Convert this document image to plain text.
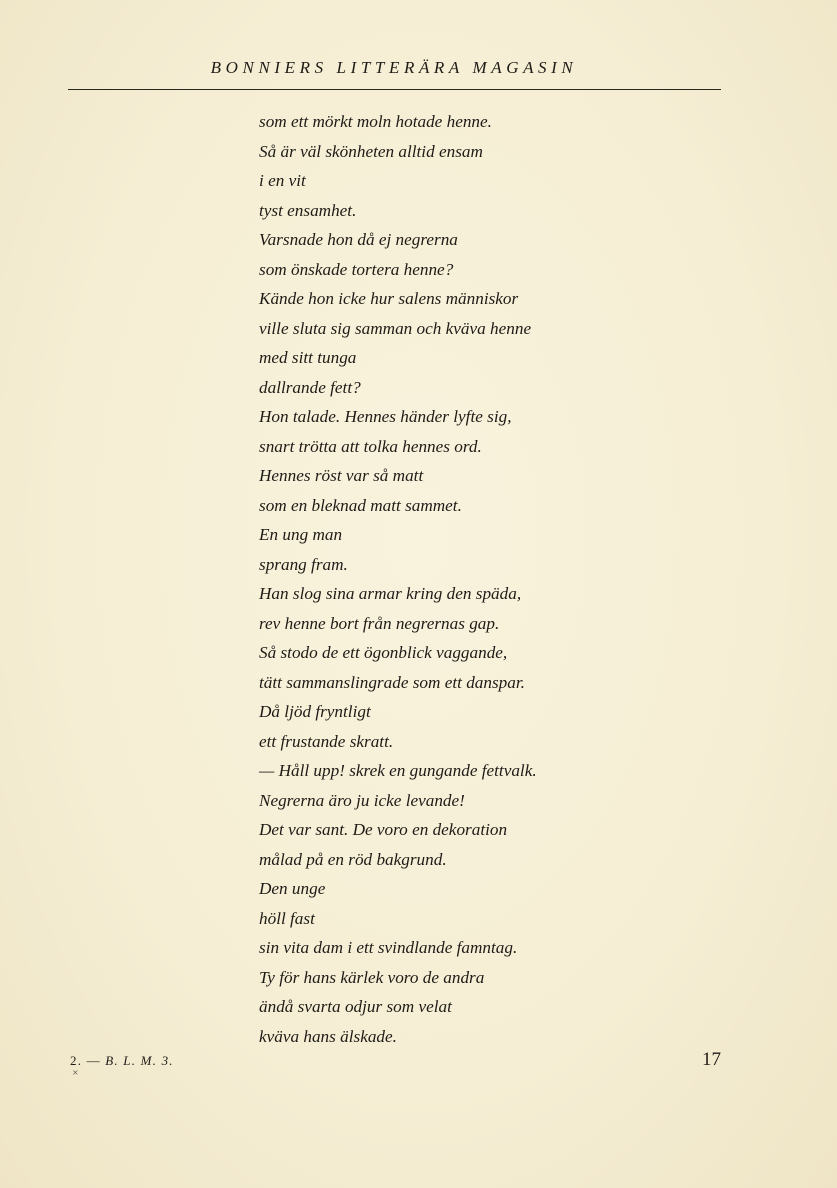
BONNIERS LITTERÄRA MAGASIN
som ett mörkt moln hotade henne.
Så är väl skönheten alltid ensam
i en vit
tyst ensamhet.
Varsnade hon då ej negrerna
som önskade tortera henne?
Kände hon icke hur salens människor
ville sluta sig samman och kväva henne
med sitt tunga
dallrande fett?
Hon talade. Hennes händer lyfte sig,
snart trötta att tolka hennes ord.
Hennes röst var så matt
som en bleknad matt sammet.
En ung man
sprang fram.
Han slog sina armar kring den späda,
rev henne bort från negrernas gap.
Så stodo de ett ögonblick vaggande,
tätt sammanslingrade som ett danspar.
Då ljöd fryntligt
ett frustande skratt.
— Håll upp! skrek en gungande fettvalk.
Negrerna äro ju icke levande!
Det var sant. De voro en dekoration
målad på en röd bakgrund.
Den unge
höll fast
sin vita dam i ett svindlande famntag.
Ty för hans kärlek voro de andra
ändå svarta odjur som velat
kväva hans älskade.
2. — B. L. M. 3.
×
17
